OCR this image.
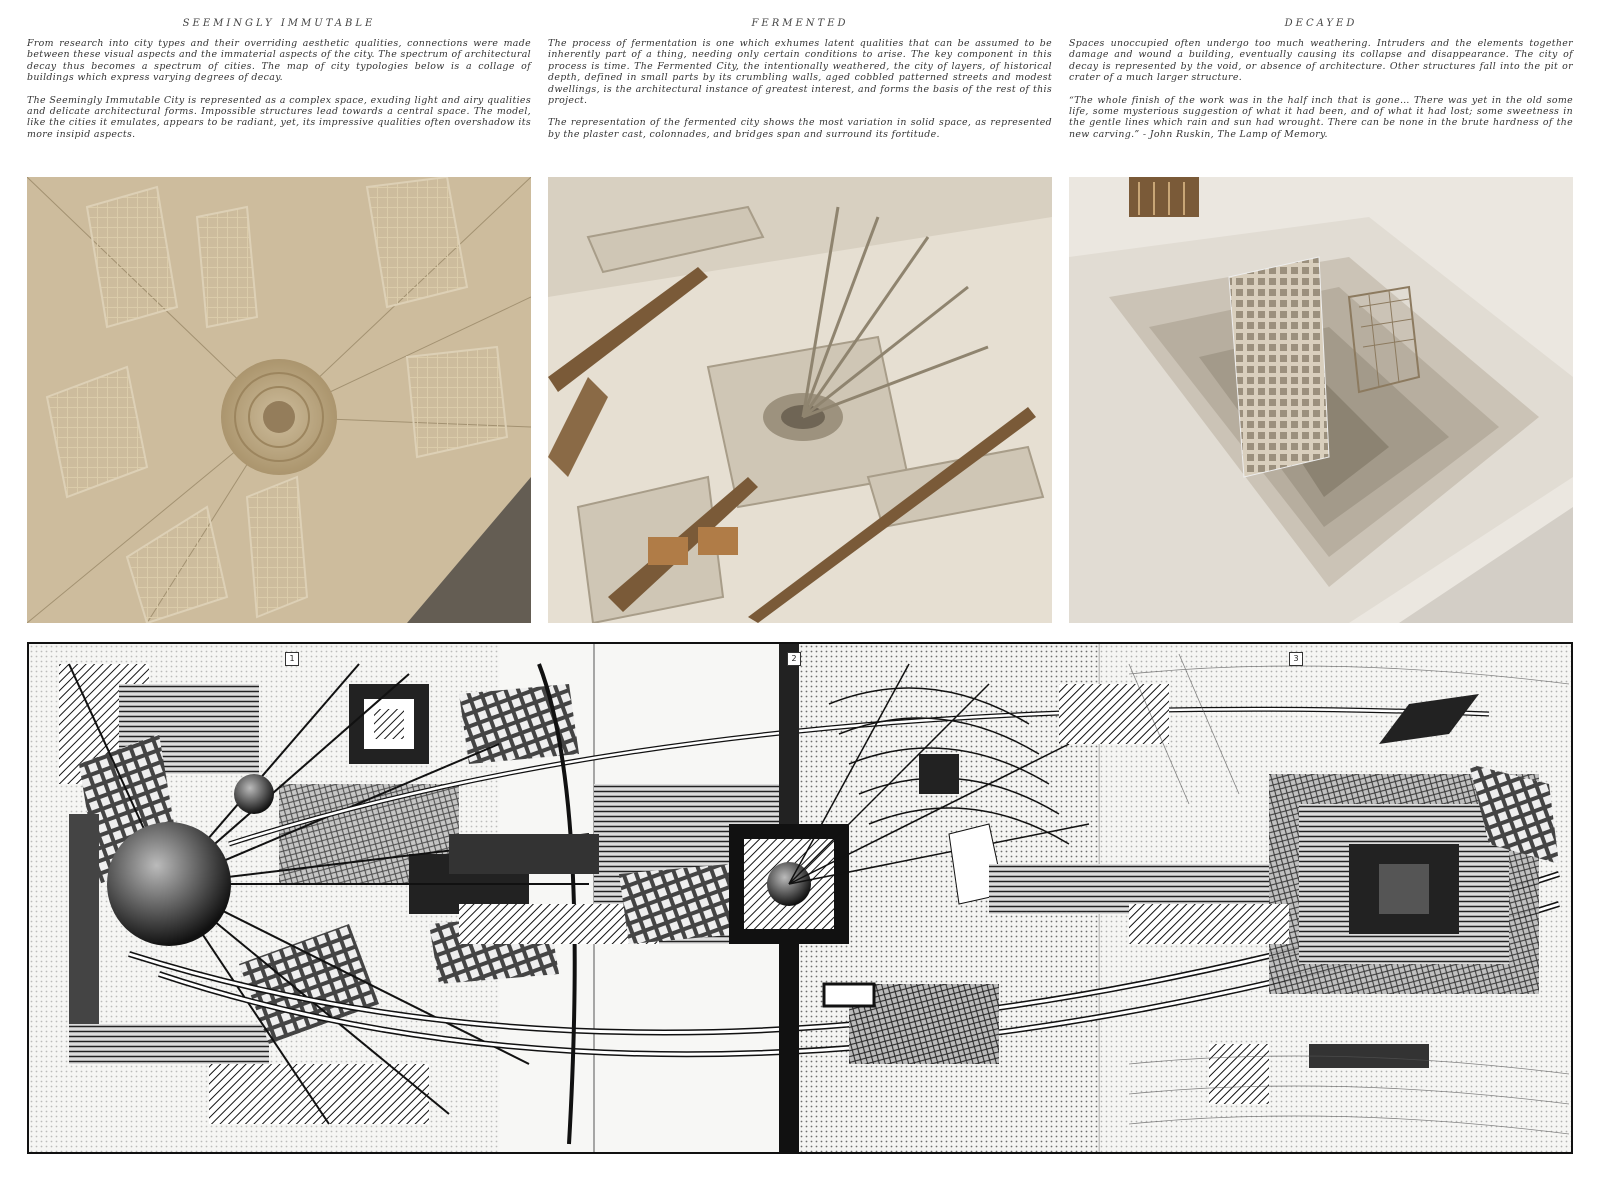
SEEMINGLY IMMUTABLE

From research into city types and their overriding aesthetic qualities, connections were made between these visual aspects and the immaterial aspects of the city. The spectrum of architectural decay thus becomes a spectrum of cities. The map of city typologies below is a collage of buildings which express varying degrees of decay.

The Seemingly Immutable City is represented as a complex space, exuding light and airy qualities and delicate architectural forms. Impossible structures lead towards a central space. The model, like the cities it emulates, appears to be radiant, yet, its impressive qualities often overshadow its more insipid aspects.

FERMENTED

The process of fermentation is one which exhumes latent qualities that can be assumed to be inherently part of a thing, needing only certain conditions to arise. The key component in this process is time. The Fermented City, the intentionally weathered, the city of layers, of historical depth, defined in small parts by its crumbling walls, aged cobbled patterned streets and modest dwellings, is the architectural instance of greatest interest, and forms the basis of the rest of this project.

The representation of the fermented city shows the most variation in solid space, as represented by the plaster cast, colonnades, and bridges span and surround its fortitude.

DECAYED

Spaces unoccupied often undergo too much weathering. Intruders and the elements together damage and wound a building, eventually causing its collapse and disappearance. The city of decay is represented by the void, or absence of architecture. Other structures fall into the pit or crater of a much larger structure.

“The whole finish of the work was in the half inch that is gone… There was yet in the old some life, some mysterious suggestion of what it had been, and of what it had lost; some sweetness in the gentle lines which rain and sun had wrought. There can be none in the brute hardness of the new carving.” - John Ruskin, The Lamp of Memory.

1	2	3
